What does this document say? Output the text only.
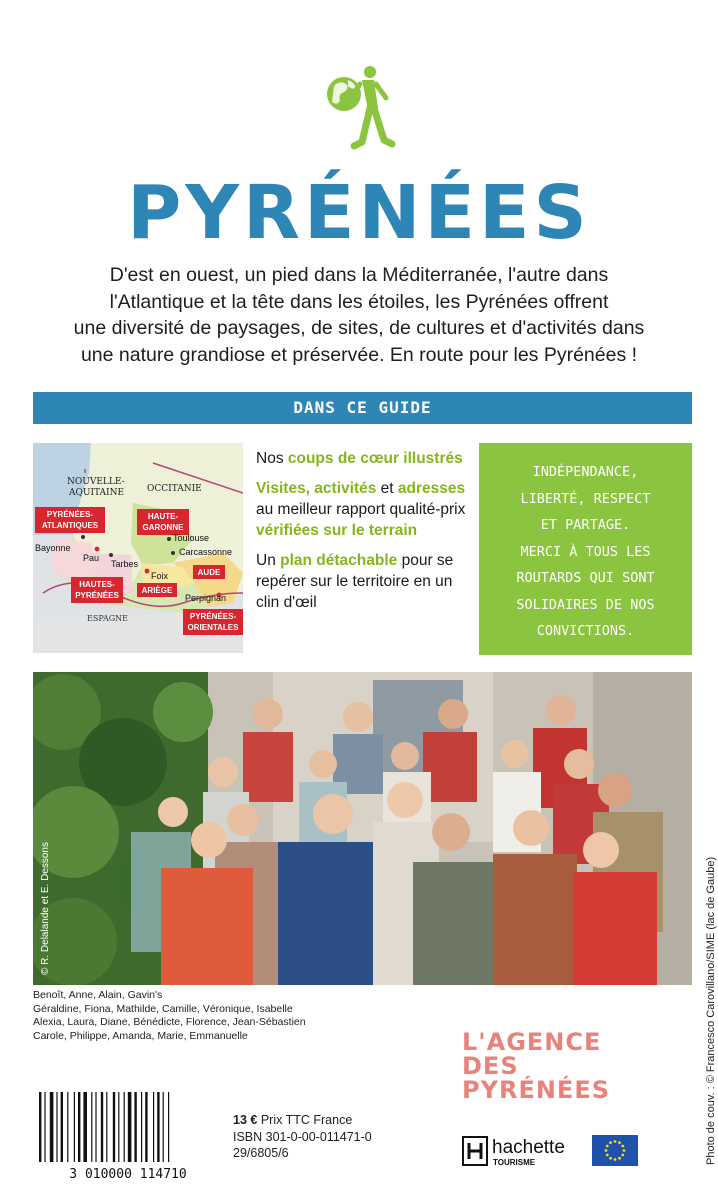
PYRÉNÉES
D'est en ouest, un pied dans la Méditerranée, l'autre dans
l'Atlantique et la tête dans les étoiles, les Pyrénées offrent
une diversité de paysages, de sites, de cultures et d'activités dans
une nature grandiose et préservée. En route pour les Pyrénées !
DANS CE GUIDE
NOUVELLE-
AQUITAINE	OCCITANIE
ESPAGNE
PYRÉNÉES-
ATLANTIQUES
HAUTE-
GARONNE
HAUTES-
PYRÉNÉES
AUDE
ARIÈGE
PYRÉNÉES-
ORIENTALES
Toulouse
Carcassonne
Bayonne
Pau
Tarbes
Foix
Perpignan

Nos coups de cœur illustrés

Visites, activités et adresses au meilleur rapport qualité-prix vérifiées sur le terrain

Un plan détachable pour se repérer sur le territoire en un clin d'œil

INDÉPENDANCE,
LIBERTÉ, RESPECT
ET PARTAGE.
MERCI À TOUS LES
ROUTARDS QUI SONT
SOLIDAIRES DE NOS
CONVICTIONS.
© R. Delalande et E. Dessons
Benoît, Anne, Alain, Gavin's
Géraldine, Fiona, Mathilde, Camille, Véronique, Isabelle
Alexia, Laura, Diane, Bénédicte, Florence, Jean-Sébastien
Carole, Philippe, Amanda, Marie, Emmanuelle	L'AGENCE
DES
PYRÉNÉES
3 010000 114710
13 € Prix TTC France
ISBN 301-0-00-011471-0
29/6805/6	hachette
TOURISME	Photo de couv. : © Francesco Carovillano/SIME (lac de Gaube)
